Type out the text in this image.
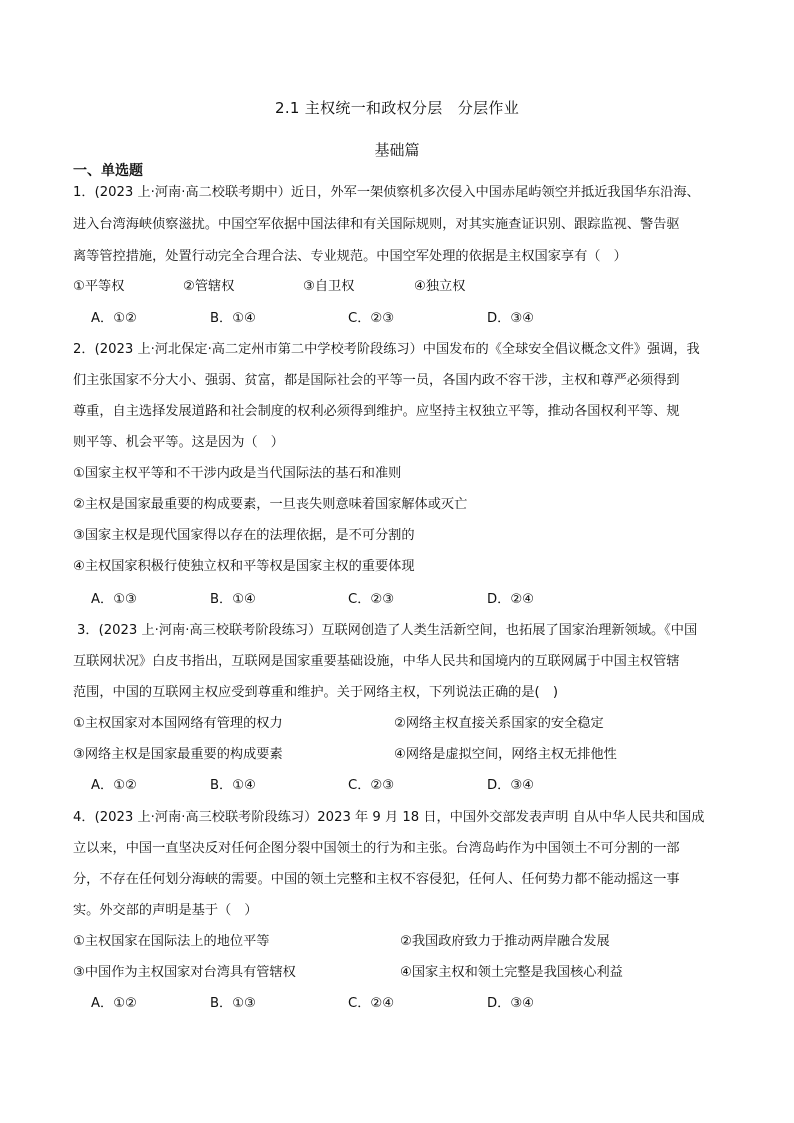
2.1 主权统一和政权分层　分层作业
基础篇
一、单选题
1．(2023 上·河南·高二校联考期中）近日，外军一架侦察机多次侵入中国赤尾屿领空并抵近我国华东沿海、
进入台湾海峡侦察滋扰。中国空军依据中国法律和有关国际规则，对其实施查证识别、跟踪监视、警告驱
离等管控措施，处置行动完全合理合法、专业规范。中国空军处理的依据是主权国家享有（　）
①平等权	②管辖权	③自卫权	④独立权
A．①②	B．①④	C．②③	D．③④
2．(2023 上·河北保定·高二定州市第二中学校考阶段练习）中国发布的《全球安全倡议概念文件》强调，我
们主张国家不分大小、强弱、贫富，都是国际社会的平等一员，各国内政不容干涉，主权和尊严必须得到
尊重，自主选择发展道路和社会制度的权利必须得到维护。应坚持主权独立平等，推动各国权利平等、规
则平等、机会平等。这是因为（　）
①国家主权平等和不干涉内政是当代国际法的基石和准则
②主权是国家最重要的构成要素，一旦丧失则意味着国家解体或灭亡
③国家主权是现代国家得以存在的法理依据，是不可分割的
④主权国家积极行使独立权和平等权是国家主权的重要体现
A．①③	B．①④	C．②③	D．②④
3．(2023 上·河南·高三校联考阶段练习）互联网创造了人类生活新空间，也拓展了国家治理新领域。《中国
互联网状况》白皮书指出，互联网是国家重要基础设施，中华人民共和国境内的互联网属于中国主权管辖
范围，中国的互联网主权应受到尊重和维护。关于网络主权，下列说法正确的是(　)
①主权国家对本国网络有管理的权力	②网络主权直接关系国家的安全稳定
③网络主权是国家最重要的构成要素	④网络是虚拟空间，网络主权无排他性
A．①②	B．①④	C．②③	D．③④
4．(2023 上·河南·高三校联考阶段练习）2023 年 9 月 18 日，中国外交部发表声明 自从中华人民共和国成
立以来，中国一直坚决反对任何企图分裂中国领土的行为和主张。台湾岛屿作为中国领土不可分割的一部
分，不存在任何划分海峡的需要。中国的领土完整和主权不容侵犯，任何人、任何势力都不能动摇这一事
实。外交部的声明是基于（　）
①主权国家在国际法上的地位平等	②我国政府致力于推动两岸融合发展
③中国作为主权国家对台湾具有管辖权	④国家主权和领土完整是我国核心利益
A．①②	B．①③	C．②④	D．③④
